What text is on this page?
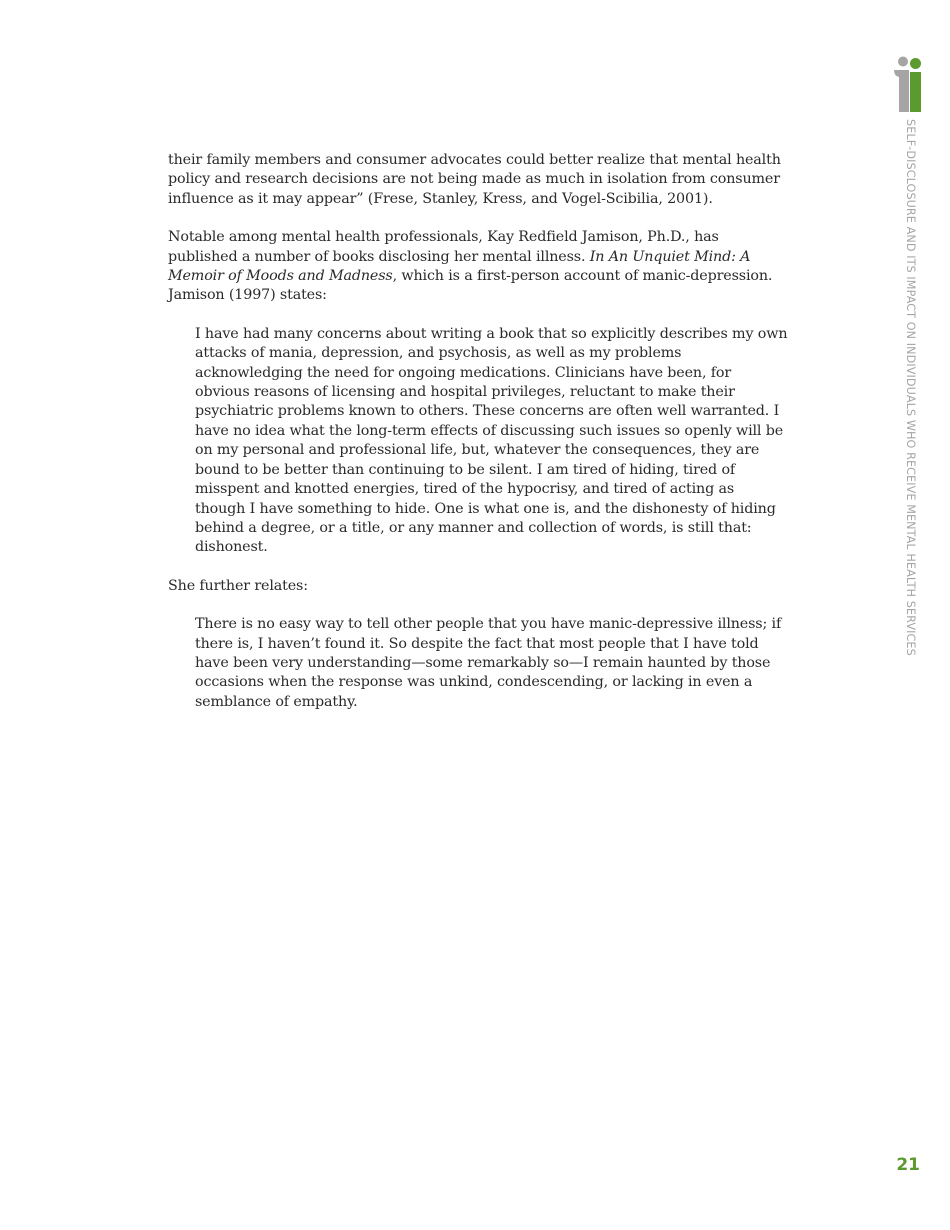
SELF-DISCLOSURE AND ITS IMPACT ON INDIVIDUALS WHO RECEIVE MENTAL HEALTH SERVICES

their family members and consumer advocates could better realize that mental health policy and research decisions are not being made as much in isolation from consumer influence as it may appear” (Frese, Stanley, Kress, and Vogel-Scibilia, 2001).

Notable among mental health professionals, Kay Redfield Jamison, Ph.D., has published a number of books disclosing her mental illness. In An Unquiet Mind: A Memoir of Moods and Madness, which is a first-person account of manic-depression. Jamison (1997) states:

I have had many concerns about writing a book that so explicitly describes my own attacks of mania, depression, and psychosis, as well as my problems acknowledging the need for ongoing medications. Clinicians have been, for obvious reasons of licensing and hospital privileges, reluctant to make their psychiatric problems known to others. These concerns are often well warranted. I have no idea what the long-term effects of discussing such issues so openly will be on my personal and professional life, but, whatever the consequences, they are bound to be better than continuing to be silent. I am tired of hiding, tired of misspent and knotted energies, tired of the hypocrisy, and tired of acting as though I have something to hide. One is what one is, and the dishonesty of hiding behind a degree, or a title, or any manner and collection of words, is still that: dishonest.

She further relates:

There is no easy way to tell other people that you have manic-depressive illness; if there is, I haven’t found it. So despite the fact that most people that I have told have been very understanding—some remarkably so—I remain haunted by those occasions when the response was unkind, condescending, or lacking in even a semblance of empathy.

21
